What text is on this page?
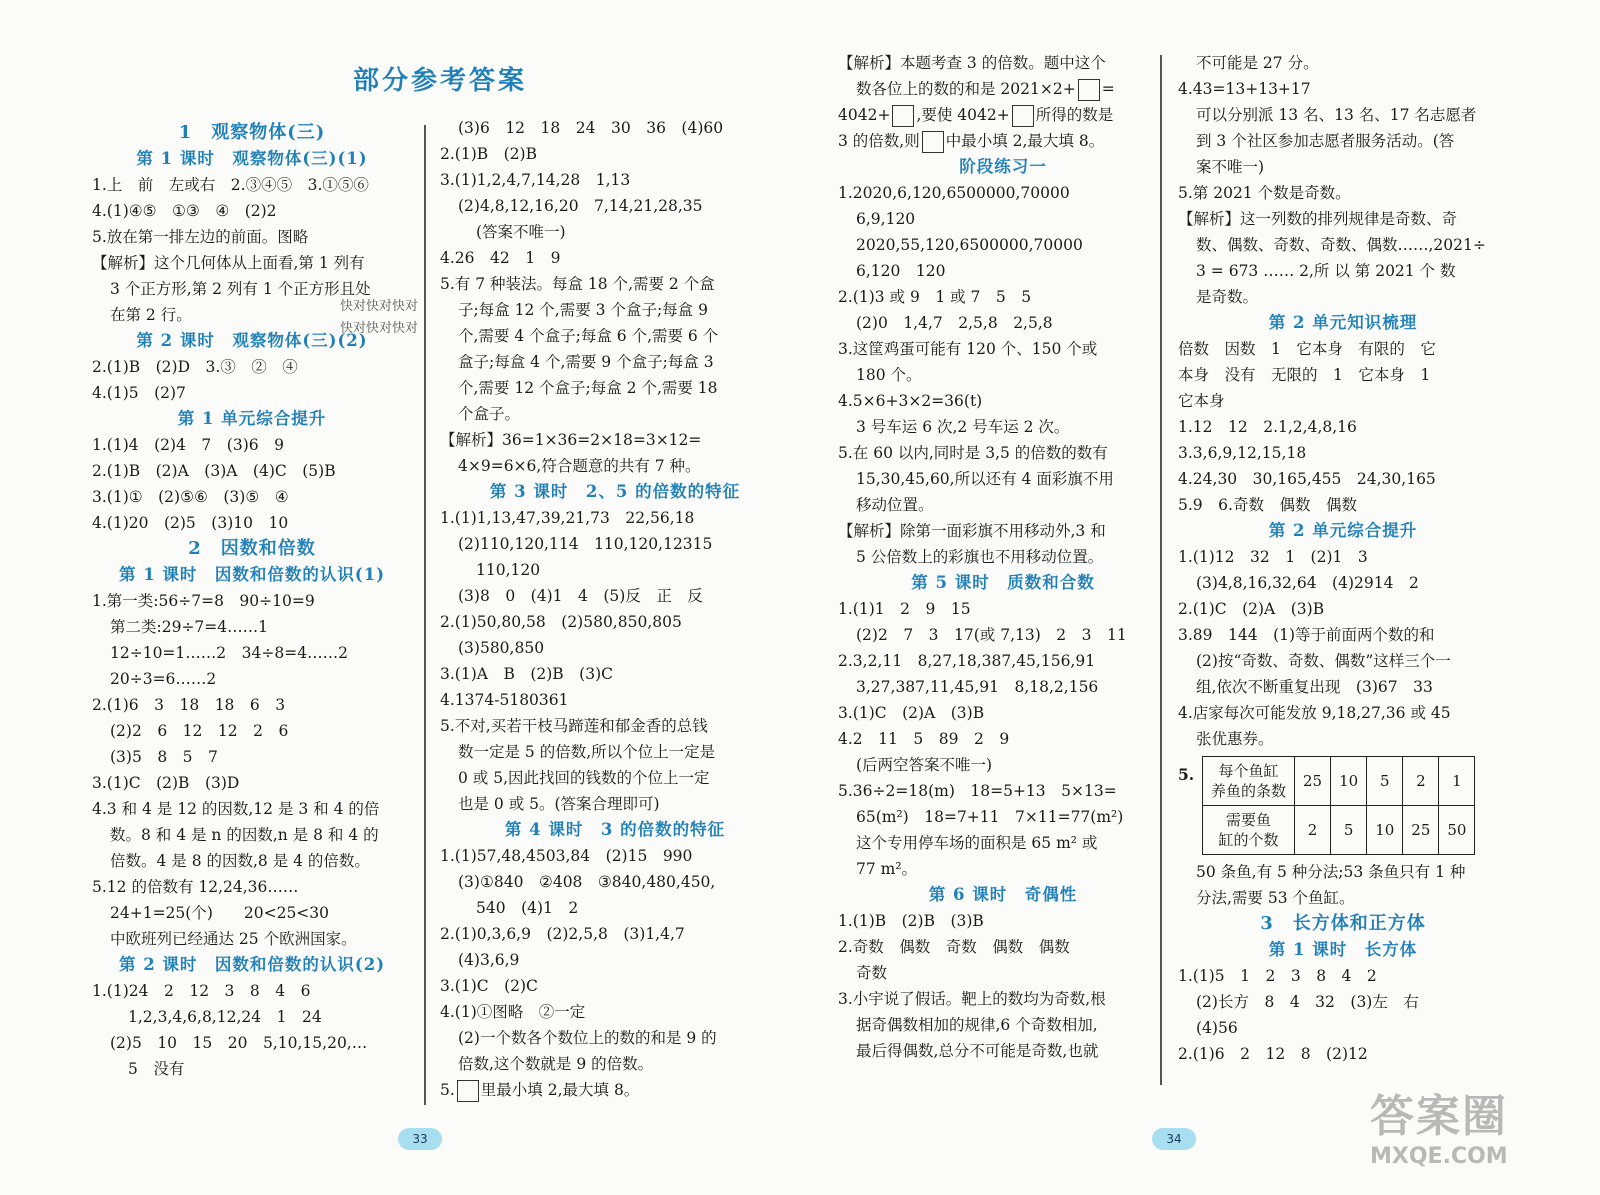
部分参考答案
1　观察物体(三)
第 1 课时　观察物体(三)(1)
1.上　前　左或右　2.③④⑤　3.①⑤⑥
4.(1)④⑤　①③　④　(2)2
5.放在第一排左边的前面。图略
【解析】这个几何体从上面看,第 1 列有
3 个正方形,第 2 列有 1 个正方形且处
在第 2 行。
第 2 课时　观察物体(三)(2)
2.(1)B　(2)D　3.③　②　④
4.(1)5　(2)7
第 1 单元综合提升
1.(1)4　(2)4　7　(3)6　9
2.(1)B　(2)A　(3)A　(4)C　(5)B
3.(1)①　(2)⑤⑥　(3)⑤　④
4.(1)20　(2)5　(3)10　10
2　因数和倍数
第 1 课时　因数和倍数的认识(1)
1.第一类:56÷7=8　90÷10=9
第二类:29÷7=4……1
12÷10=1……2　34÷8=4……2
20÷3=6……2
2.(1)6　3　18　18　6　3
(2)2　6　12　12　2　6
(3)5　8　5　7
3.(1)C　(2)B　(3)D
4.3 和 4 是 12 的因数,12 是 3 和 4 的倍
数。8 和 4 是 n 的因数,n 是 8 和 4 的
倍数。4 是 8 的因数,8 是 4 的倍数。
5.12 的倍数有 12,24,36……
24+1=25(个)　　20<25<30
中欧班列已经通达 25 个欧洲国家。
第 2 课时　因数和倍数的认识(2)
1.(1)24　2　12　3　8　4　6
1,2,3,4,6,8,12,24　1　24
(2)5　10　15　20　5,10,15,20,…
5　没有
(3)6　12　18　24　30　36　(4)60
2.(1)B　(2)B
3.(1)1,2,4,7,14,28　1,13
(2)4,8,12,16,20　7,14,21,28,35
(答案不唯一)
4.26　42　1　9
5.有 7 种装法。每盒 18 个,需要 2 个盒
子;每盒 12 个,需要 3 个盒子;每盒 9
个,需要 4 个盒子;每盒 6 个,需要 6 个
盒子;每盒 4 个,需要 9 个盒子;每盒 3
个,需要 12 个盒子;每盒 2 个,需要 18
个盒子。
【解析】36=1×36=2×18=3×12=
4×9=6×6,符合题意的共有 7 种。
第 3 课时　2、5 的倍数的特征
1.(1)1,13,47,39,21,73　22,56,18
(2)110,120,114　110,120,12315
110,120
(3)8　0　(4)1　4　(5)反　正　反
2.(1)50,80,58　(2)580,850,805
(3)580,850
3.(1)A　B　(2)B　(3)C
4.1374-5180361
5.不对,买若干枝马蹄莲和郁金香的总钱
数一定是 5 的倍数,所以个位上一定是
0 或 5,因此找回的钱数的个位上一定
也是 0 或 5。(答案合理即可)
第 4 课时　3 的倍数的特征
1.(1)57,48,4503,84　(2)15　990
(3)①840　②408　③840,480,450,
540　(4)1　2
2.(1)0,3,6,9　(2)2,5,8　(3)1,4,7
(4)3,6,9
3.(1)C　(2)C
4.(1)①图略　②一定
(2)一个数各个数位上的数的和是 9 的
倍数,这个数就是 9 的倍数。
5. 里最小填 2,最大填 8。
【解析】本题考查 3 的倍数。题中这个
数各位上的数的和是 2021×2+ =
4042+ ,要使 4042+ 所得的数是
3 的倍数,则 中最小填 2,最大填 8。
阶段练习一
1.2020,6,120,6500000,70000
6,9,120
2020,55,120,6500000,70000
6,120　120
2.(1)3 或 9　1 或 7　5　5
(2)0　1,4,7　2,5,8　2,5,8
3.这筐鸡蛋可能有 120 个、150 个或
180 个。
4.5×6+3×2=36(t)
3 号车运 6 次,2 号车运 2 次。
5.在 60 以内,同时是 3,5 的倍数的数有
15,30,45,60,所以还有 4 面彩旗不用
移动位置。
【解析】除第一面彩旗不用移动外,3 和
5 公倍数上的彩旗也不用移动位置。
第 5 课时　质数和合数
1.(1)1　2　9　15
(2)2　7　3　17(或 7,13)　2　3　11
2.3,2,11　8,27,18,387,45,156,91
3,27,387,11,45,91　8,18,2,156
3.(1)C　(2)A　(3)B
4.2　11　5　89　2　9
(后两空答案不唯一)
5.36÷2=18(m)　18=5+13　5×13=
65(m²)　18=7+11　7×11=77(m²)
这个专用停车场的面积是 65 m² 或
77 m²。
第 6 课时　奇偶性
1.(1)B　(2)B　(3)B
2.奇数　偶数　奇数　偶数　偶数
奇数
3.小宇说了假话。靶上的数均为奇数,根
据奇偶数相加的规律,6 个奇数相加,
最后得偶数,总分不可能是奇数,也就
不可能是 27 分。
4.43=13+13+17
可以分别派 13 名、13 名、17 名志愿者
到 3 个社区参加志愿者服务活动。(答
案不唯一)
5.第 2021 个数是奇数。
【解析】这一列数的排列规律是奇数、奇
数、偶数、奇数、奇数、偶数……,2021÷
3 = 673 …… 2,所 以 第 2021 个 数
是奇数。
第 2 单元知识梳理
倍数　因数　1　它本身　有限的　它
本身　没有　无限的　1　它本身　1
它本身
1.12　12　2.1,2,4,8,16
3.3,6,9,12,15,18
4.24,30　30,165,455　24,30,165
5.9　6.奇数　偶数　偶数
第 2 单元综合提升
1.(1)12　32　1　(2)1　3
(3)4,8,16,32,64　(4)2914　2
2.(1)C　(2)A　(3)B
3.89　144　(1)等于前面两个数的和
(2)按“奇数、奇数、偶数”这样三个一
组,依次不断重复出现　(3)67　33
4.店家每次可能发放 9,18,27,36 或 45
张优惠券。
5. 每个鱼缸
养鱼的条数	25	10	5	2	1
需要鱼
缸的个数	2	5	10	25	50
50 条鱼,有 5 种分法;53 条鱼只有 1 种
分法,需要 53 个鱼缸。
3　长方体和正方体
第 1 课时　长方体
1.(1)5　1　2　3　8　4　2
(2)长方　8　4　32　(3)左　右
(4)56
2.(1)6　2　12　8　(2)12
快对快对快对
快对快对快对
33	34	答案圈
MXQE.COM
